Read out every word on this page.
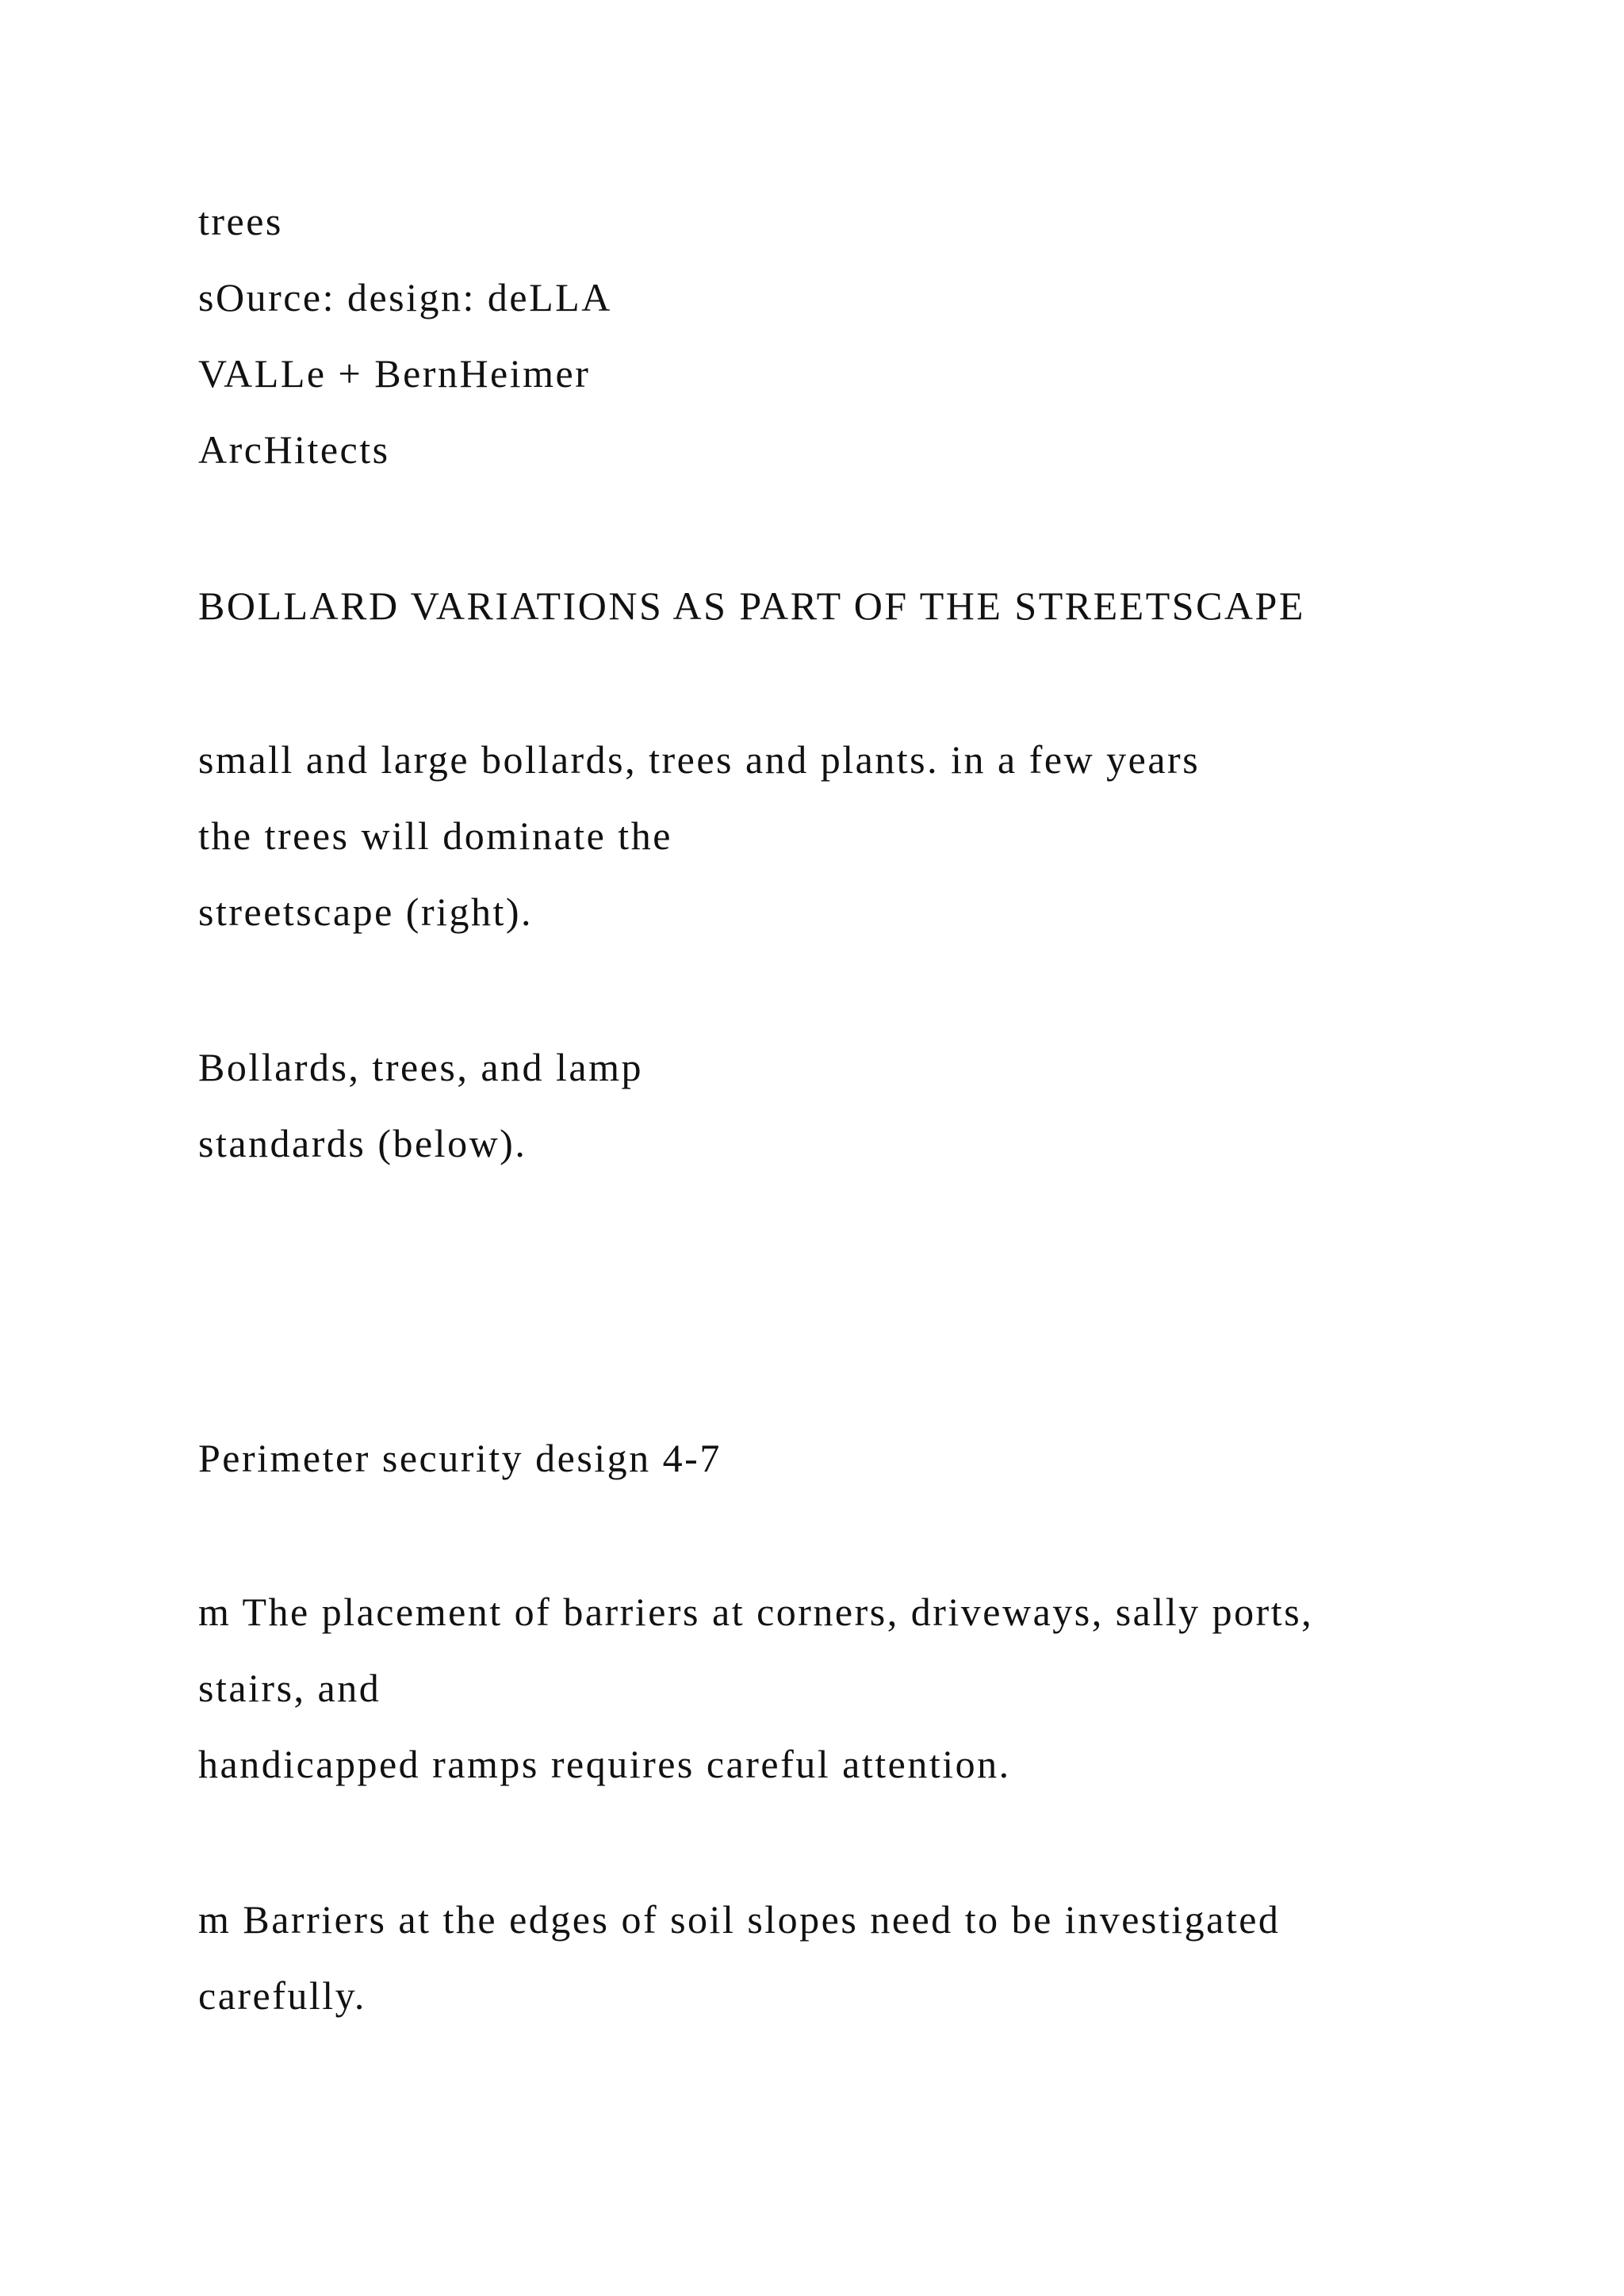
trees
sOurce: design: deLLA
VALLe + BernHeimer
ArcHitects
BOLLARD VARIATIONS AS PART OF THE STREETSCAPE
small and large bollards, trees and plants. in a few years
the trees will dominate the
streetscape (right).
Bollards, trees, and lamp
standards (below).
Perimeter security design 4-7
m The placement of barriers at corners, driveways, sally ports,
stairs, and
handicapped ramps requires careful attention.
m Barriers at the edges of soil slopes need to be investigated
carefully.
